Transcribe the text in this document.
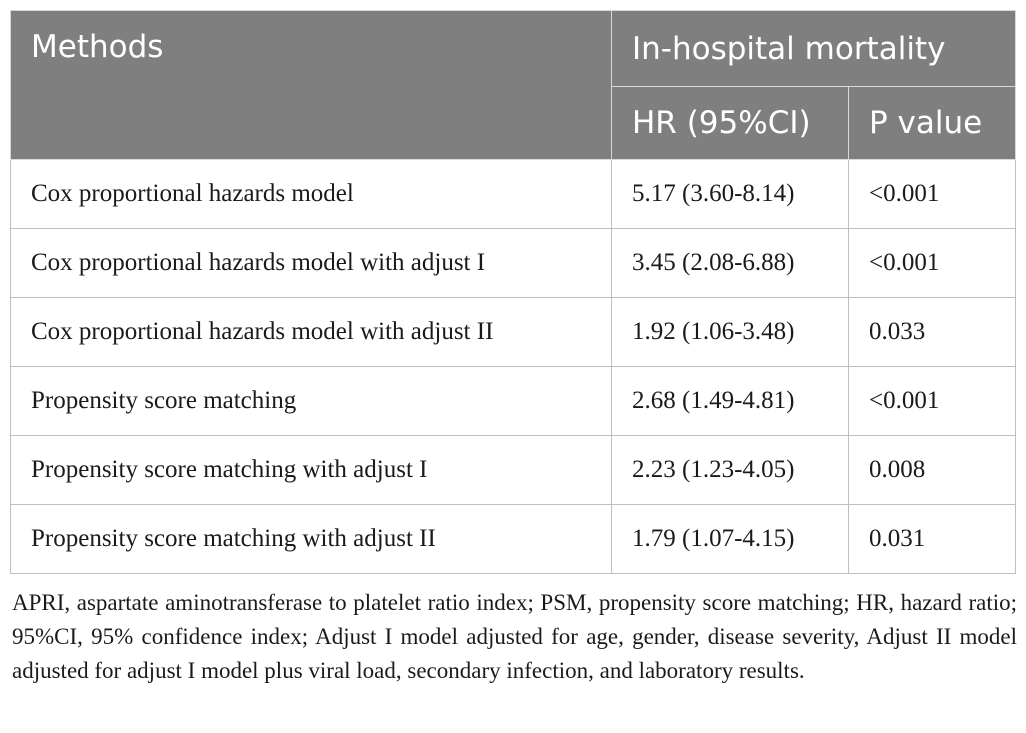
Methods	In-hospital mortality	
	HR (95%CI)	P value
Cox proportional hazards model	5.17 (3.60-8.14)	<0.001
Cox proportional hazards model with adjust I	3.45 (2.08-6.88)	<0.001
Cox proportional hazards model with adjust II	1.92 (1.06-3.48)	0.033
Propensity score matching	2.68 (1.49-4.81)	<0.001
Propensity score matching with adjust I	2.23 (1.23-4.05)	0.008
Propensity score matching with adjust II	1.79 (1.07-4.15)	0.031
APRI, aspartate aminotransferase to platelet ratio index; PSM, propensity score matching; HR, hazard ratio; 95%CI, 95% confidence index; Adjust I model adjusted for age, gender, disease severity, Adjust II model adjusted for adjust I model plus viral load, secondary infection, and laboratory results.
